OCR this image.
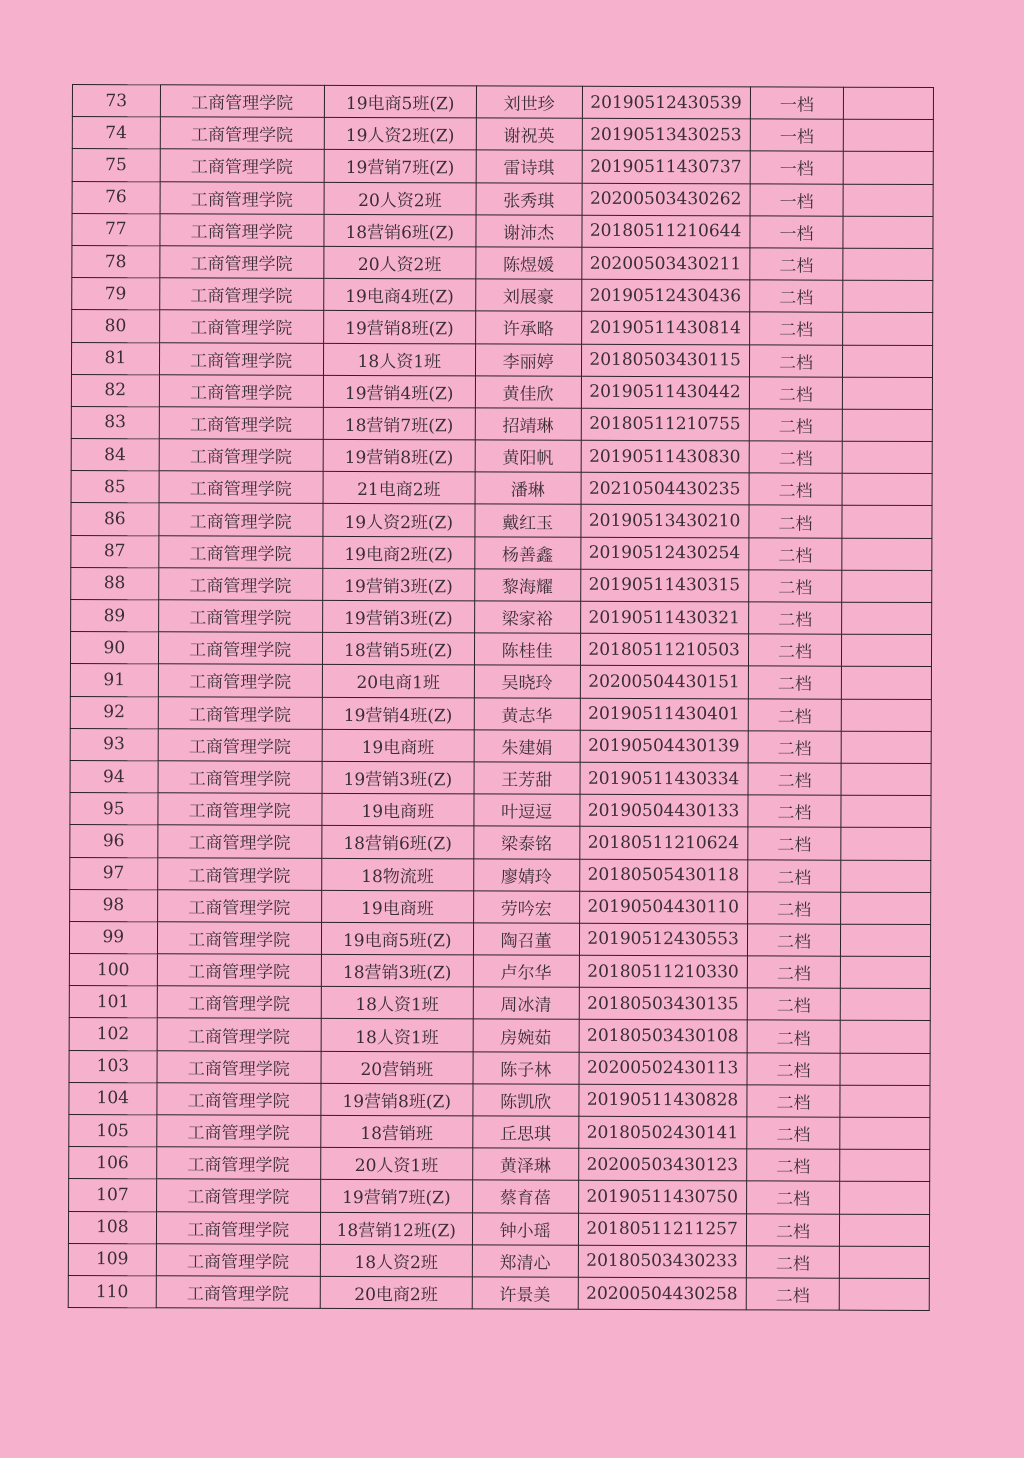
73	工商管理学院	19电商5班(Z)	刘世珍	20190512430539	一档	
74	工商管理学院	19人资2班(Z)	谢祝英	20190513430253	一档	
75	工商管理学院	19营销7班(Z)	雷诗琪	20190511430737	一档	
76	工商管理学院	20人资2班	张秀琪	20200503430262	一档	
77	工商管理学院	18营销6班(Z)	谢沛杰	20180511210644	一档	
78	工商管理学院	20人资2班	陈煜媛	20200503430211	二档	
79	工商管理学院	19电商4班(Z)	刘展豪	20190512430436	二档	
80	工商管理学院	19营销8班(Z)	许承略	20190511430814	二档	
81	工商管理学院	18人资1班	李丽婷	20180503430115	二档	
82	工商管理学院	19营销4班(Z)	黄佳欣	20190511430442	二档	
83	工商管理学院	18营销7班(Z)	招靖琳	20180511210755	二档	
84	工商管理学院	19营销8班(Z)	黄阳帆	20190511430830	二档	
85	工商管理学院	21电商2班	潘琳	20210504430235	二档	
86	工商管理学院	19人资2班(Z)	戴红玉	20190513430210	二档	
87	工商管理学院	19电商2班(Z)	杨善鑫	20190512430254	二档	
88	工商管理学院	19营销3班(Z)	黎海耀	20190511430315	二档	
89	工商管理学院	19营销3班(Z)	梁家裕	20190511430321	二档	
90	工商管理学院	18营销5班(Z)	陈桂佳	20180511210503	二档	
91	工商管理学院	20电商1班	吴晓玲	20200504430151	二档	
92	工商管理学院	19营销4班(Z)	黄志华	20190511430401	二档	
93	工商管理学院	19电商班	朱建娟	20190504430139	二档	
94	工商管理学院	19营销3班(Z)	王芳甜	20190511430334	二档	
95	工商管理学院	19电商班	叶逗逗	20190504430133	二档	
96	工商管理学院	18营销6班(Z)	梁泰铭	20180511210624	二档	
97	工商管理学院	18物流班	廖婧玲	20180505430118	二档	
98	工商管理学院	19电商班	劳吟宏	20190504430110	二档	
99	工商管理学院	19电商5班(Z)	陶召董	20190512430553	二档	
100	工商管理学院	18营销3班(Z)	卢尔华	20180511210330	二档	
101	工商管理学院	18人资1班	周冰清	20180503430135	二档	
102	工商管理学院	18人资1班	房婉茹	20180503430108	二档	
103	工商管理学院	20营销班	陈子林	20200502430113	二档	
104	工商管理学院	19营销8班(Z)	陈凯欣	20190511430828	二档	
105	工商管理学院	18营销班	丘思琪	20180502430141	二档	
106	工商管理学院	20人资1班	黄泽琳	20200503430123	二档	
107	工商管理学院	19营销7班(Z)	蔡育蓓	20190511430750	二档	
108	工商管理学院	18营销12班(Z)	钟小瑶	20180511211257	二档	
109	工商管理学院	18人资2班	郑清心	20180503430233	二档	
110	工商管理学院	20电商2班	许景美	20200504430258	二档	
